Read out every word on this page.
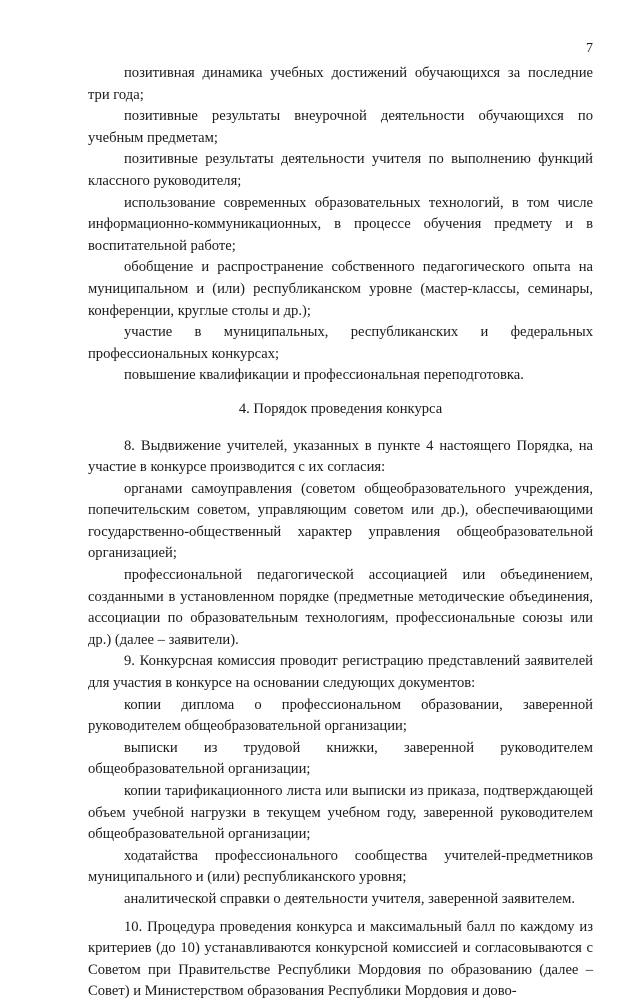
7

позитивная динамика учебных достижений обучающихся за последние три года;

позитивные результаты внеурочной деятельности обучающихся по учебным предметам;

позитивные результаты деятельности учителя по выполнению функций классного руководителя;

использование современных образовательных технологий, в том числе информационно-коммуникационных, в процессе обучения предмету и в воспитательной работе;

обобщение и распространение собственного педагогического опыта на муниципальном и (или) республиканском уровне (мастер-классы, семинары, конференции, круглые столы и др.);

участие в муниципальных, республиканских и федеральных профессиональных конкурсах;

повышение квалификации и профессиональная переподготовка.

4. Порядок проведения конкурса

8. Выдвижение учителей, указанных в пункте 4 настоящего Порядка, на участие в конкурсе производится с их согласия:

органами самоуправления (советом общеобразовательного учреждения, попечительским советом, управляющим советом или др.), обеспечивающими государственно-общественный характер управления общеобразовательной организацией;

профессиональной педагогической ассоциацией или объединением, созданными в установленном порядке (предметные методические объединения, ассоциации по образовательным технологиям, профессиональные союзы или др.) (далее – заявители).

9. Конкурсная комиссия проводит регистрацию представлений заявителей для участия в конкурсе на основании следующих документов:

копии диплома о профессиональном образовании, заверенной руководителем общеобразовательной организации;

выписки из трудовой книжки, заверенной руководителем общеобразовательной организации;

копии тарификационного листа или выписки из приказа, подтверждающей объем учебной нагрузки в текущем учебном году, заверенной руководителем общеобразовательной организации;

ходатайства профессионального сообщества учителей-предметников муниципального и (или) республиканского уровня;

аналитической справки о деятельности учителя, заверенной заявителем.

10. Процедура проведения конкурса и максимальный балл по каждому из критериев (до 10) устанавливаются конкурсной комиссией и согласовываются с Советом при Правительстве Республики Мордовия по образованию (далее – Совет) и Министерством образования Республики Мордовия и дово-
